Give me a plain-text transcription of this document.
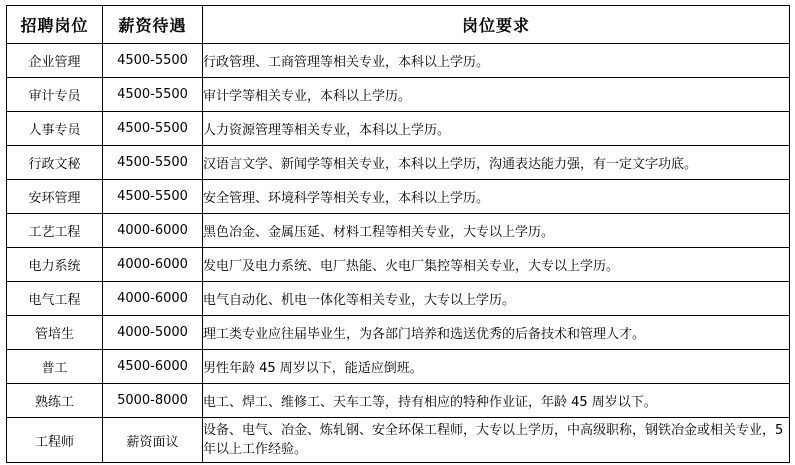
招聘岗位	薪资待遇	岗位要求
企业管理	4500-5500	行政管理、工商管理等相关专业，本科以上学历。
审计专员	4500-5500	审计学等相关专业，本科以上学历。
人事专员	4500-5500	人力资源管理等相关专业，本科以上学历。
行政文秘	4500-5500	汉语言文学、新闻学等相关专业，本科以上学历，沟通表达能力强，有一定文字功底。
安环管理	4500-5500	安全管理、环境科学等相关专业，本科以上学历。
工艺工程	4000-6000	黑色冶金、金属压延、材料工程等相关专业，大专以上学历。
电力系统	4000-6000	发电厂及电力系统、电厂热能、火电厂集控等相关专业，大专以上学历。
电气工程	4000-6000	电气自动化、机电一体化等相关专业，大专以上学历。
管培生	4000-5000	理工类专业应往届毕业生，为各部门培养和选送优秀的后备技术和管理人才。
普工	4500-6000	男性年龄 45 周岁以下，能适应倒班。
熟练工	5000-8000	电工、焊工、维修工、天车工等，持有相应的特种作业证，年龄 45 周岁以下。
工程师	薪资面议	设备、电气、冶金、炼轧钢、安全环保工程师，大专以上学历，中高级职称，钢铁冶金或相关专业，5 年以上工作经验。
